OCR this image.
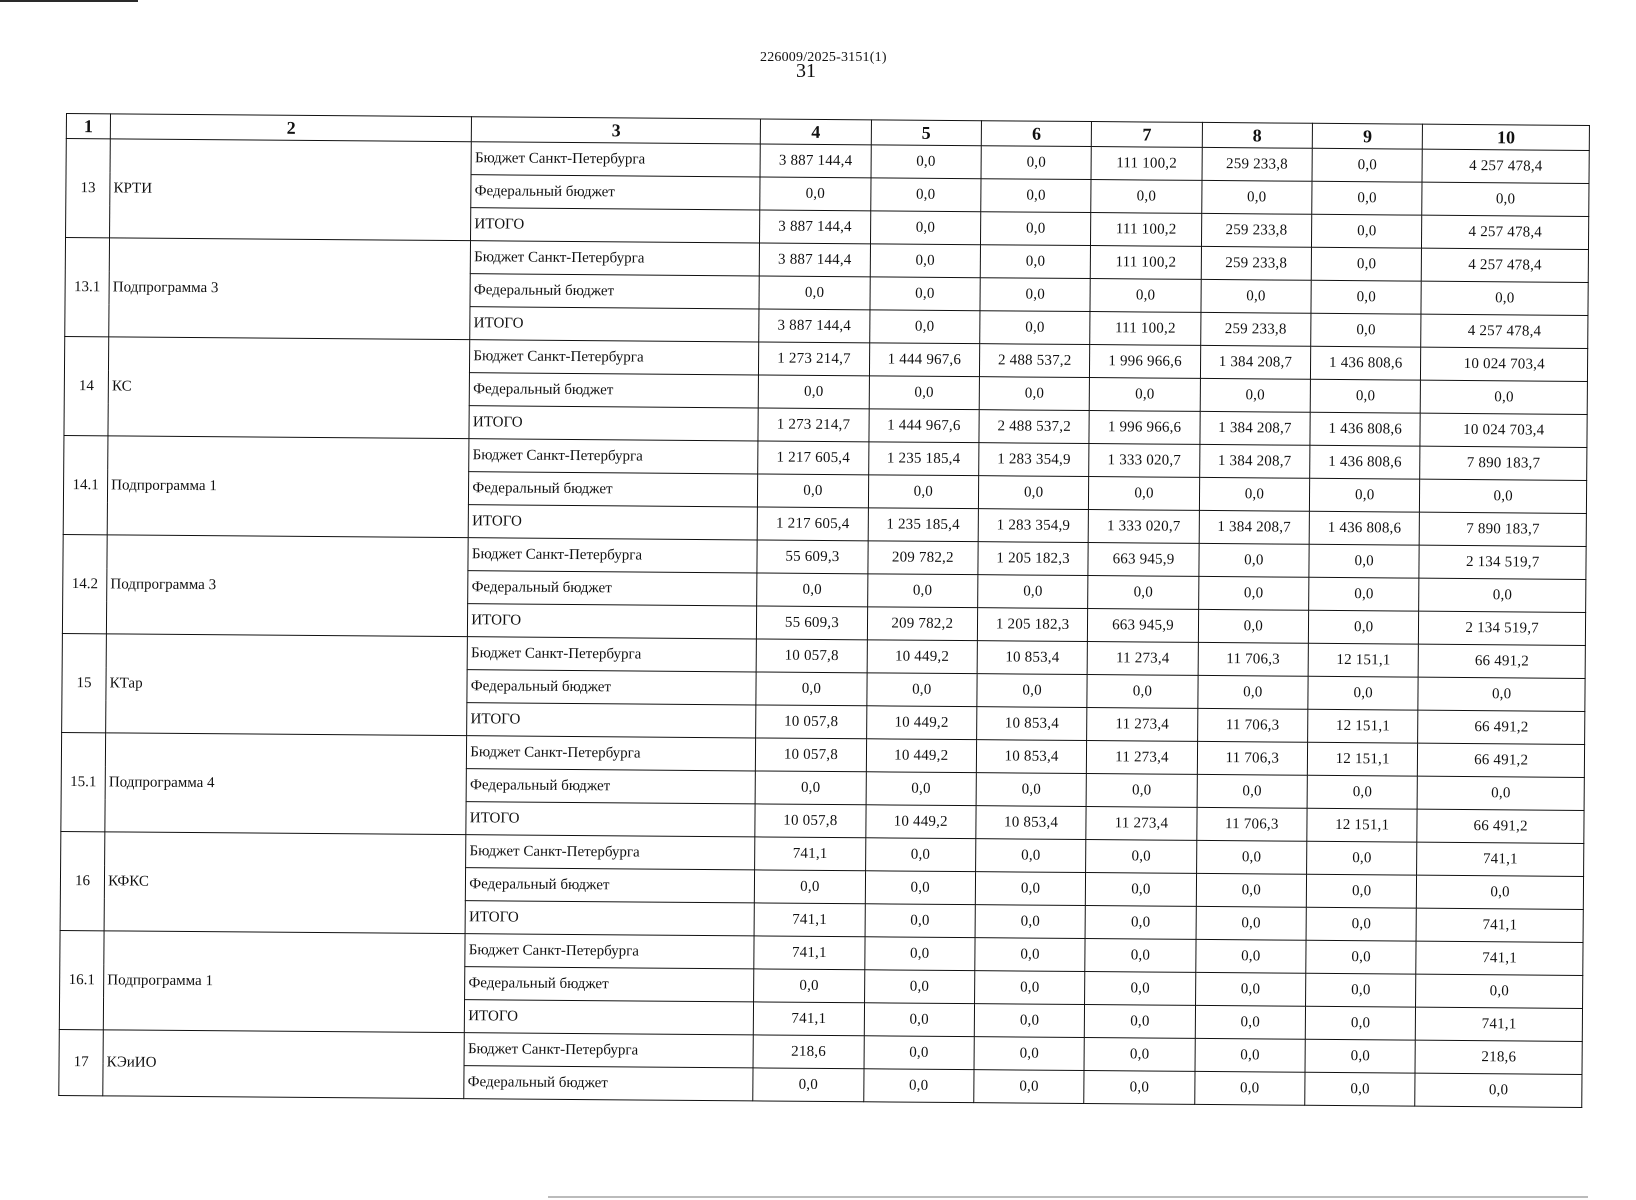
226009/2025-3151(1)
31
1	2	3	4	5	6	7	8	9	10
13	КРТИ	Бюджет Санкт-Петербурга	3 887 144,4	0,0	0,0	111 100,2	259 233,8	0,0	4 257 478,4
		Федеральный бюджет	0,0	0,0	0,0	0,0	0,0	0,0	0,0
		ИТОГО	3 887 144,4	0,0	0,0	111 100,2	259 233,8	0,0	4 257 478,4
13.1	Подпрограмма 3	Бюджет Санкт-Петербурга	3 887 144,4	0,0	0,0	111 100,2	259 233,8	0,0	4 257 478,4
		Федеральный бюджет	0,0	0,0	0,0	0,0	0,0	0,0	0,0
		ИТОГО	3 887 144,4	0,0	0,0	111 100,2	259 233,8	0,0	4 257 478,4
14	КС	Бюджет Санкт-Петербурга	1 273 214,7	1 444 967,6	2 488 537,2	1 996 966,6	1 384 208,7	1 436 808,6	10 024 703,4
		Федеральный бюджет	0,0	0,0	0,0	0,0	0,0	0,0	0,0
		ИТОГО	1 273 214,7	1 444 967,6	2 488 537,2	1 996 966,6	1 384 208,7	1 436 808,6	10 024 703,4
14.1	Подпрограмма 1	Бюджет Санкт-Петербурга	1 217 605,4	1 235 185,4	1 283 354,9	1 333 020,7	1 384 208,7	1 436 808,6	7 890 183,7
		Федеральный бюджет	0,0	0,0	0,0	0,0	0,0	0,0	0,0
		ИТОГО	1 217 605,4	1 235 185,4	1 283 354,9	1 333 020,7	1 384 208,7	1 436 808,6	7 890 183,7
14.2	Подпрограмма 3	Бюджет Санкт-Петербурга	55 609,3	209 782,2	1 205 182,3	663 945,9	0,0	0,0	2 134 519,7
		Федеральный бюджет	0,0	0,0	0,0	0,0	0,0	0,0	0,0
		ИТОГО	55 609,3	209 782,2	1 205 182,3	663 945,9	0,0	0,0	2 134 519,7
15	КТар	Бюджет Санкт-Петербурга	10 057,8	10 449,2	10 853,4	11 273,4	11 706,3	12 151,1	66 491,2
		Федеральный бюджет	0,0	0,0	0,0	0,0	0,0	0,0	0,0
		ИТОГО	10 057,8	10 449,2	10 853,4	11 273,4	11 706,3	12 151,1	66 491,2
15.1	Подпрограмма 4	Бюджет Санкт-Петербурга	10 057,8	10 449,2	10 853,4	11 273,4	11 706,3	12 151,1	66 491,2
		Федеральный бюджет	0,0	0,0	0,0	0,0	0,0	0,0	0,0
		ИТОГО	10 057,8	10 449,2	10 853,4	11 273,4	11 706,3	12 151,1	66 491,2
16	КФКС	Бюджет Санкт-Петербурга	741,1	0,0	0,0	0,0	0,0	0,0	741,1
		Федеральный бюджет	0,0	0,0	0,0	0,0	0,0	0,0	0,0
		ИТОГО	741,1	0,0	0,0	0,0	0,0	0,0	741,1
16.1	Подпрограмма 1	Бюджет Санкт-Петербурга	741,1	0,0	0,0	0,0	0,0	0,0	741,1
		Федеральный бюджет	0,0	0,0	0,0	0,0	0,0	0,0	0,0
		ИТОГО	741,1	0,0	0,0	0,0	0,0	0,0	741,1
17	КЭиИО	Бюджет Санкт-Петербурга	218,6	0,0	0,0	0,0	0,0	0,0	218,6
		Федеральный бюджет	0,0	0,0	0,0	0,0	0,0	0,0	0,0
